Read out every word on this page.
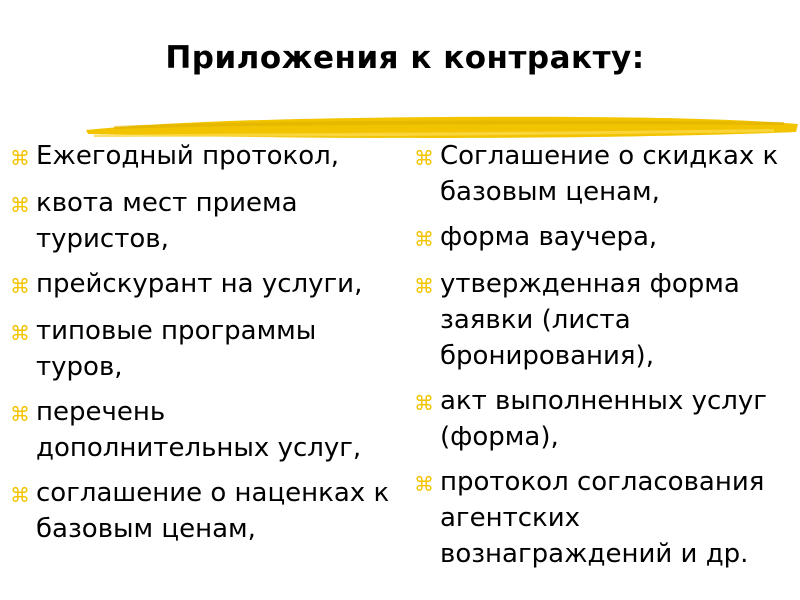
Приложения к контракту:
⌘ Ежегодный протокол,
⌘ квота мест приема туристов,
⌘ прейскурант на услуги,
⌘ типовые программы туров,
⌘ перечень дополнительных услуг,
⌘ соглашение о наценках к базовым ценам,
⌘ Соглашение о скидках к базовым ценам,
⌘ форма ваучера,
⌘ утвержденная форма заявки (листа бронирования),
⌘ акт выполненных услуг (форма),
⌘ протокол согласования агентских вознаграждений и др.
